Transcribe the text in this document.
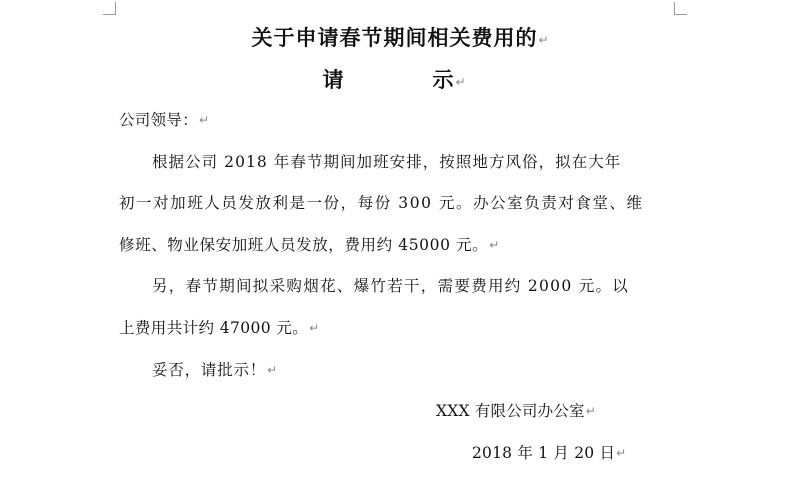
关于申请春节期间相关费用的↵
请	示↵
公司领导：↵
根据公司 2018 年春节期间加班安排，按照地方风俗，拟在大年
初一对加班人员发放利是一份，每份 300 元。办公室负责对食堂、维
修班、物业保安加班人员发放，费用约 45000 元。↵
另，春节期间拟采购烟花、爆竹若干，需要费用约 2000 元。以
上费用共计约 47000 元。↵
妥否，请批示！↵
XXX 有限公司办公室↵
2018 年 1 月 20 日↵
